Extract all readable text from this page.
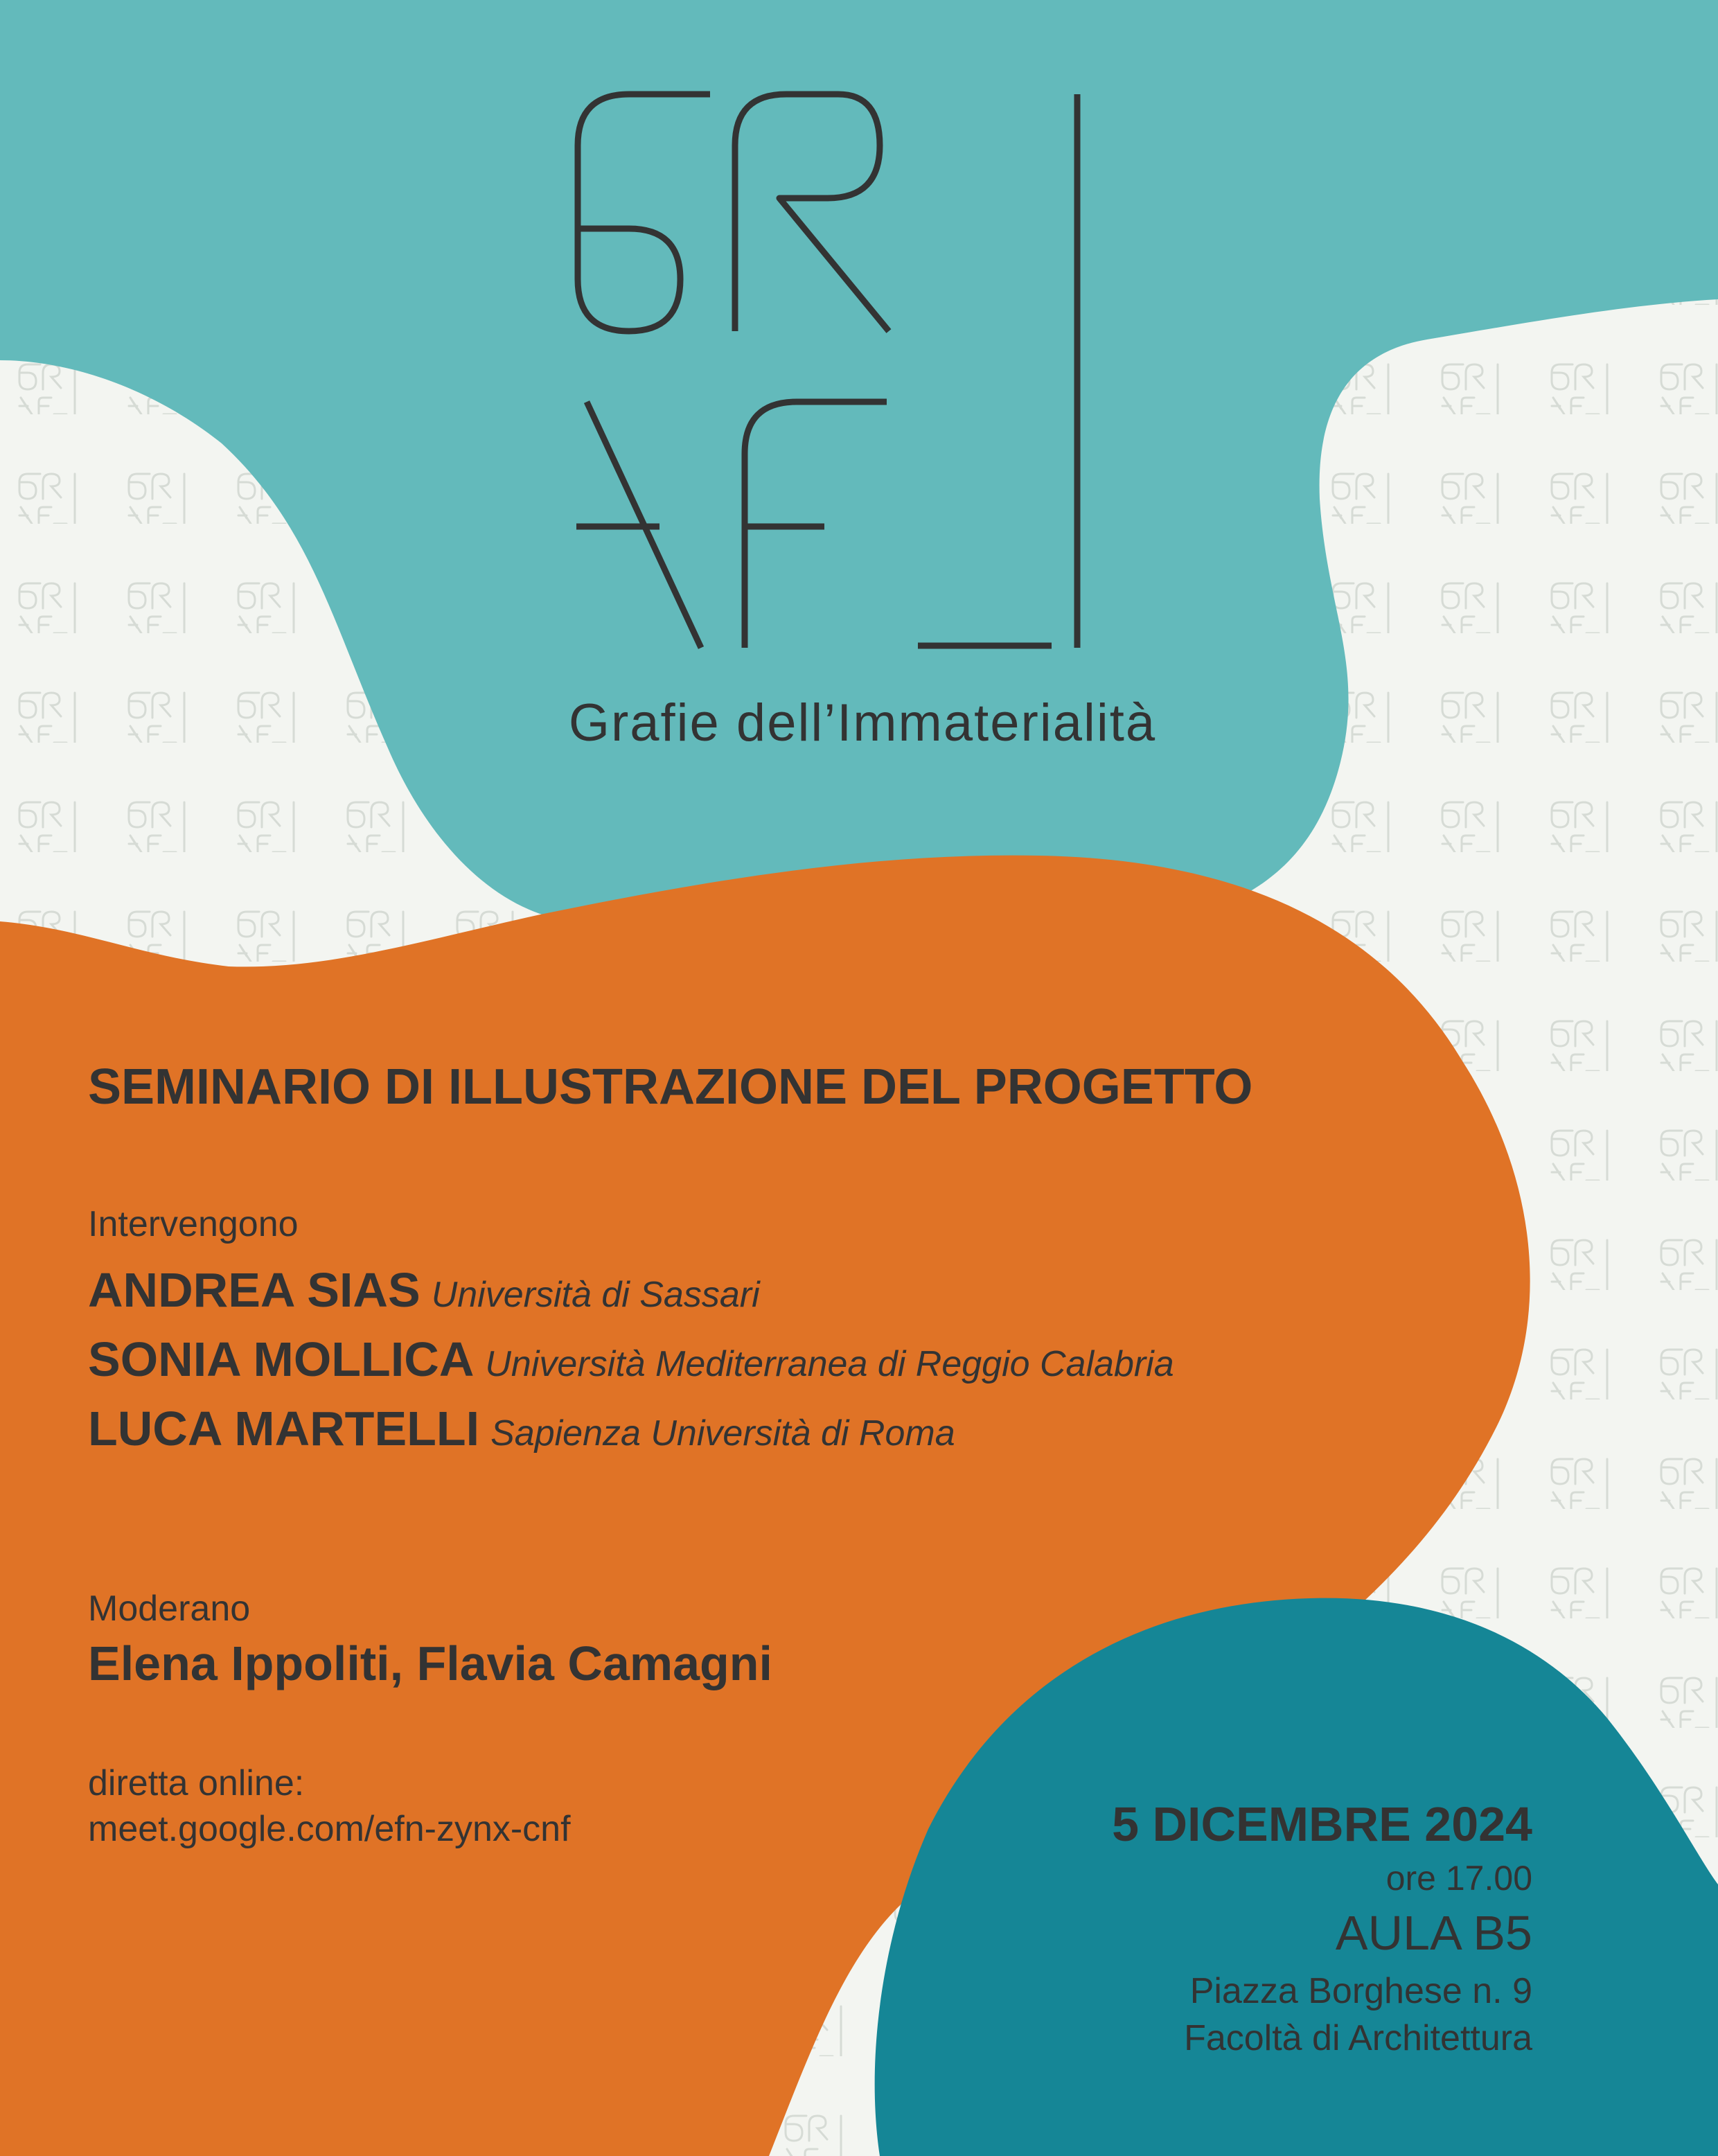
Grafie dell’Immaterialità
SEMINARIO DI ILLUSTRAZIONE DEL PROGETTO
Intervengono
ANDREA SIAS Università di Sassari
SONIA MOLLICA Università Mediterranea di Reggio Calabria
LUCA MARTELLI Sapienza Università di Roma
Moderano
Elena Ippoliti, Flavia Camagni
diretta online:
meet.google.com/efn-zynx-cnf	5 DICEMBRE 2024
ore 17.00
AULA B5
Piazza Borghese n. 9
Facoltà di Architettura
